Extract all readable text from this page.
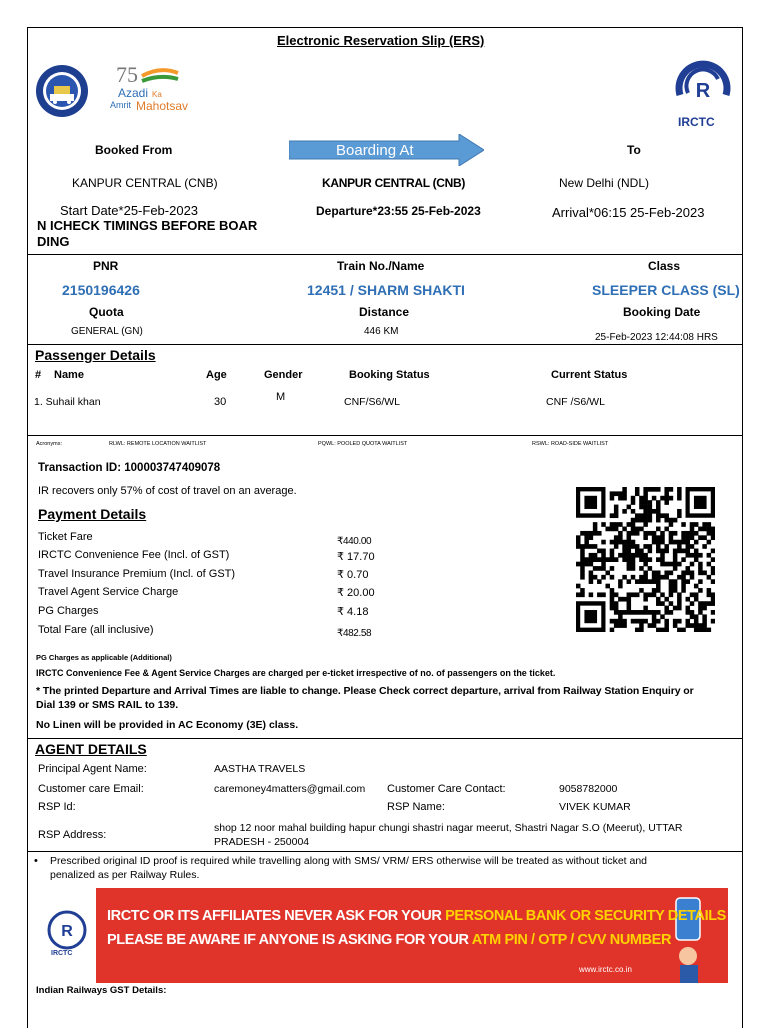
Electronic Reservation Slip (ERS)
75
Azadi Ka
Amrit Mahotsav
R
IRCTC
Booked From	Boarding At	To
KANPUR CENTRAL (CNB)	KANPUR CENTRAL (CNB)	New Delhi (NDL)
Start Date*25-Feb-2023	Departure*23:55 25-Feb-2023	Arrival*06:15 25-Feb-2023
N ICHECK TIMINGS BEFORE BOAR
DING
PNR	Train No./Name	Class
2150196426	12451 / SHARM SHAKTI	SLEEPER CLASS (SL)
Quota	Distance	Booking Date
GENERAL (GN)	446 KM
25-Feb-2023 12:44:08 HRS
Passenger Details
# Name	Age	Gender	Booking Status	Current Status
1. Suhail khan	30	M	CNF/S6/WL	CNF /S6/WL
Acronyms:	RLWL: REMOTE LOCATION WAITLIST	PQWL: POOLED QUOTA WAITLIST	RSWL: ROAD-SIDE WAITLIST
Transaction ID: 100003747409078
IR recovers only 57% of cost of travel on an average.
Payment Details
Ticket Fare	₹440.00
IRCTC Convenience Fee (Incl. of GST)	₹ 17.70
Travel Insurance Premium (Incl. of GST)	₹ 0.70
Travel Agent Service Charge	₹ 20.00
PG Charges	₹ 4.18
Total Fare (all inclusive)	₹482.58
PG Charges as applicable (Additional)
IRCTC Convenience Fee & Agent Service Charges are charged per e-ticket irrespective of no. of passengers on the ticket.
* The printed Departure and Arrival Times are liable to change. Please Check correct departure, arrival from Railway Station Enquiry or
Dial 139 or SMS RAIL to 139.
No Linen will be provided in AC Economy (3E) class.
AGENT DETAILS
Principal Agent Name:	AASTHA TRAVELS
Customer care Email:	caremoney4matters@gmail.com Customer Care Contact:	9058782000
RSP Id:	RSP Name:	VIVEK KUMAR
RSP Address:
shop 12 noor mahal building hapur chungi shastri nagar meerut, Shastri Nagar S.O (Meerut), UTTAR
PRADESH - 250004
• Prescribed original ID proof is required while travelling along with SMS/ VRM/ ERS otherwise will be treated as without ticket and
penalized as per Railway Rules.
R
IRCTC
IRCTC OR ITS AFFILIATES NEVER ASK FOR YOUR PERSONAL BANK OR SECURITY DETAILS
PLEASE BE AWARE IF ANYONE IS ASKING FOR YOUR ATM PIN / OTP / CVV NUMBER
www.irctc.co.in
Indian Railways GST Details:
